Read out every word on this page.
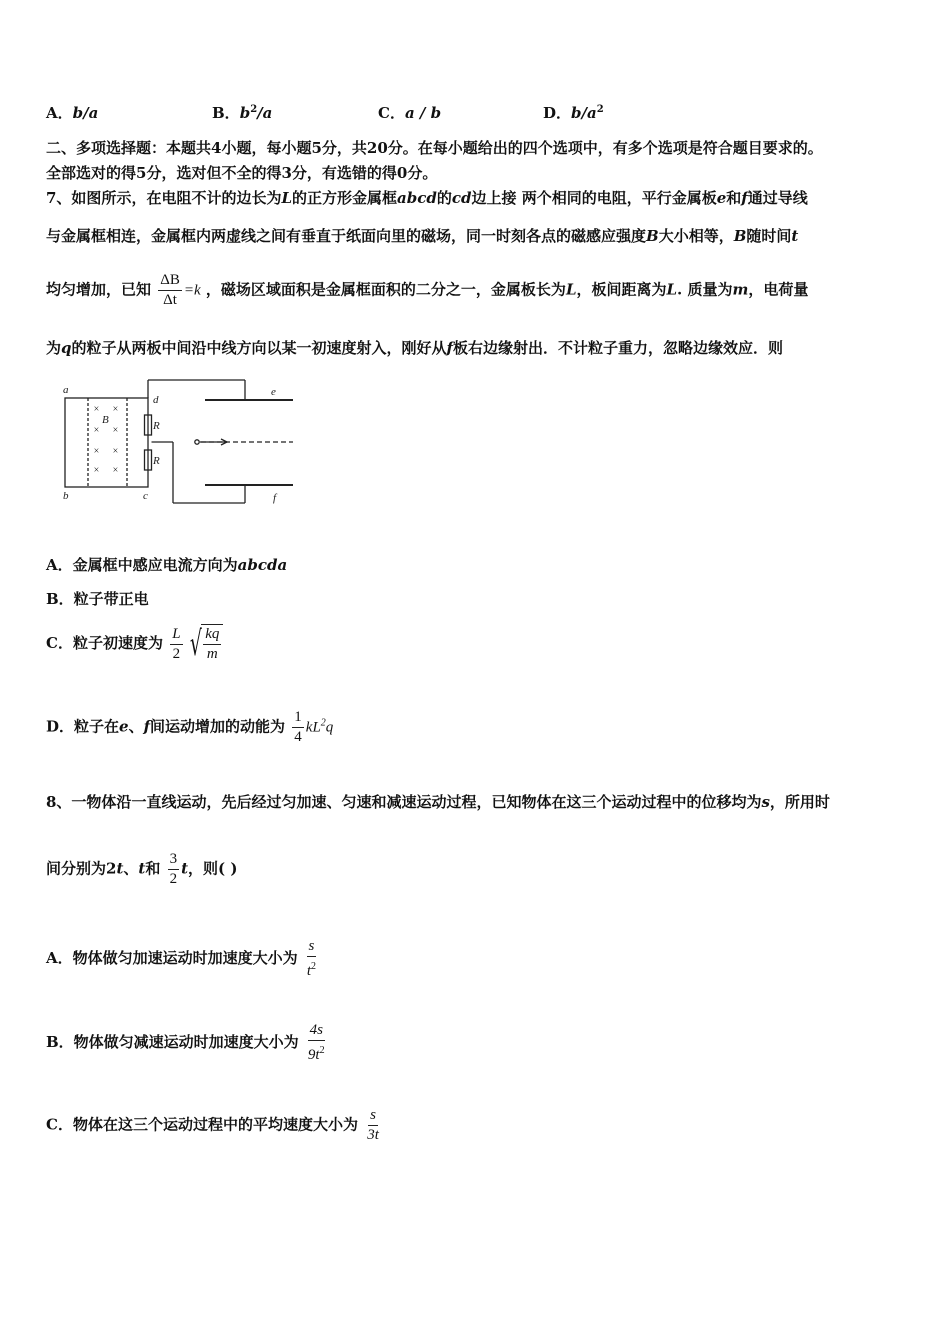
A．b/a	B．$b^2/a$	C．a / b	D．$b/a^2$
二、多项选择题：本题共4小题，每小题5分，共20分。在每小题给出的四个选项中，有多个选项是符合题目要求的。
全部选对的得5分，选对但不全的得3分，有选错的得0分。
7、如图所示，在电阻不计的边长为L的正方形金属框abcd的cd边上接 两个相同的电阻，平行金属板e和f通过导线
与金属框相连，金属框内两虚线之间有垂直于纸面向里的磁场，同一时刻各点的磁感应强度B大小相等，B随时间t
均匀增加，已知 $\frac{\Delta B}{\Delta t} =k$ ，磁场区域面积是金属框面积的二分之一，金属板长为L，板间距离为L. 质量为m，电荷量
为q的粒子从两板中间沿中线方向以某一初速度射入，刚好从f板右边缘射出．不计粒子重力，忽略边缘效应．则
a
b	c
d
e
f
B	R
R
× ×
× ×
× ×
× ×
A．金属框中感应电流方向为abcda
B．粒子带正电
C．粒子初速度为 $\frac{L}{2}$ √ $\frac{kq}{m}$
D．粒子在e、f间运动增加的动能为 $\frac{1}{4} kL^2q$
8、一物体沿一直线运动，先后经过匀加速、匀速和减速运动过程，已知物体在这三个运动过程中的位移均为s，所用时
间分别为2t、t和 $\frac{3}{2}$ t，则( )
A．物体做匀加速运动时加速度大小为 $\frac{s}{t^2}$
B．物体做匀减速运动时加速度大小为 $\frac{4s}{9t^2}$
C．物体在这三个运动过程中的平均速度大小为 $\frac{s}{3t}$
